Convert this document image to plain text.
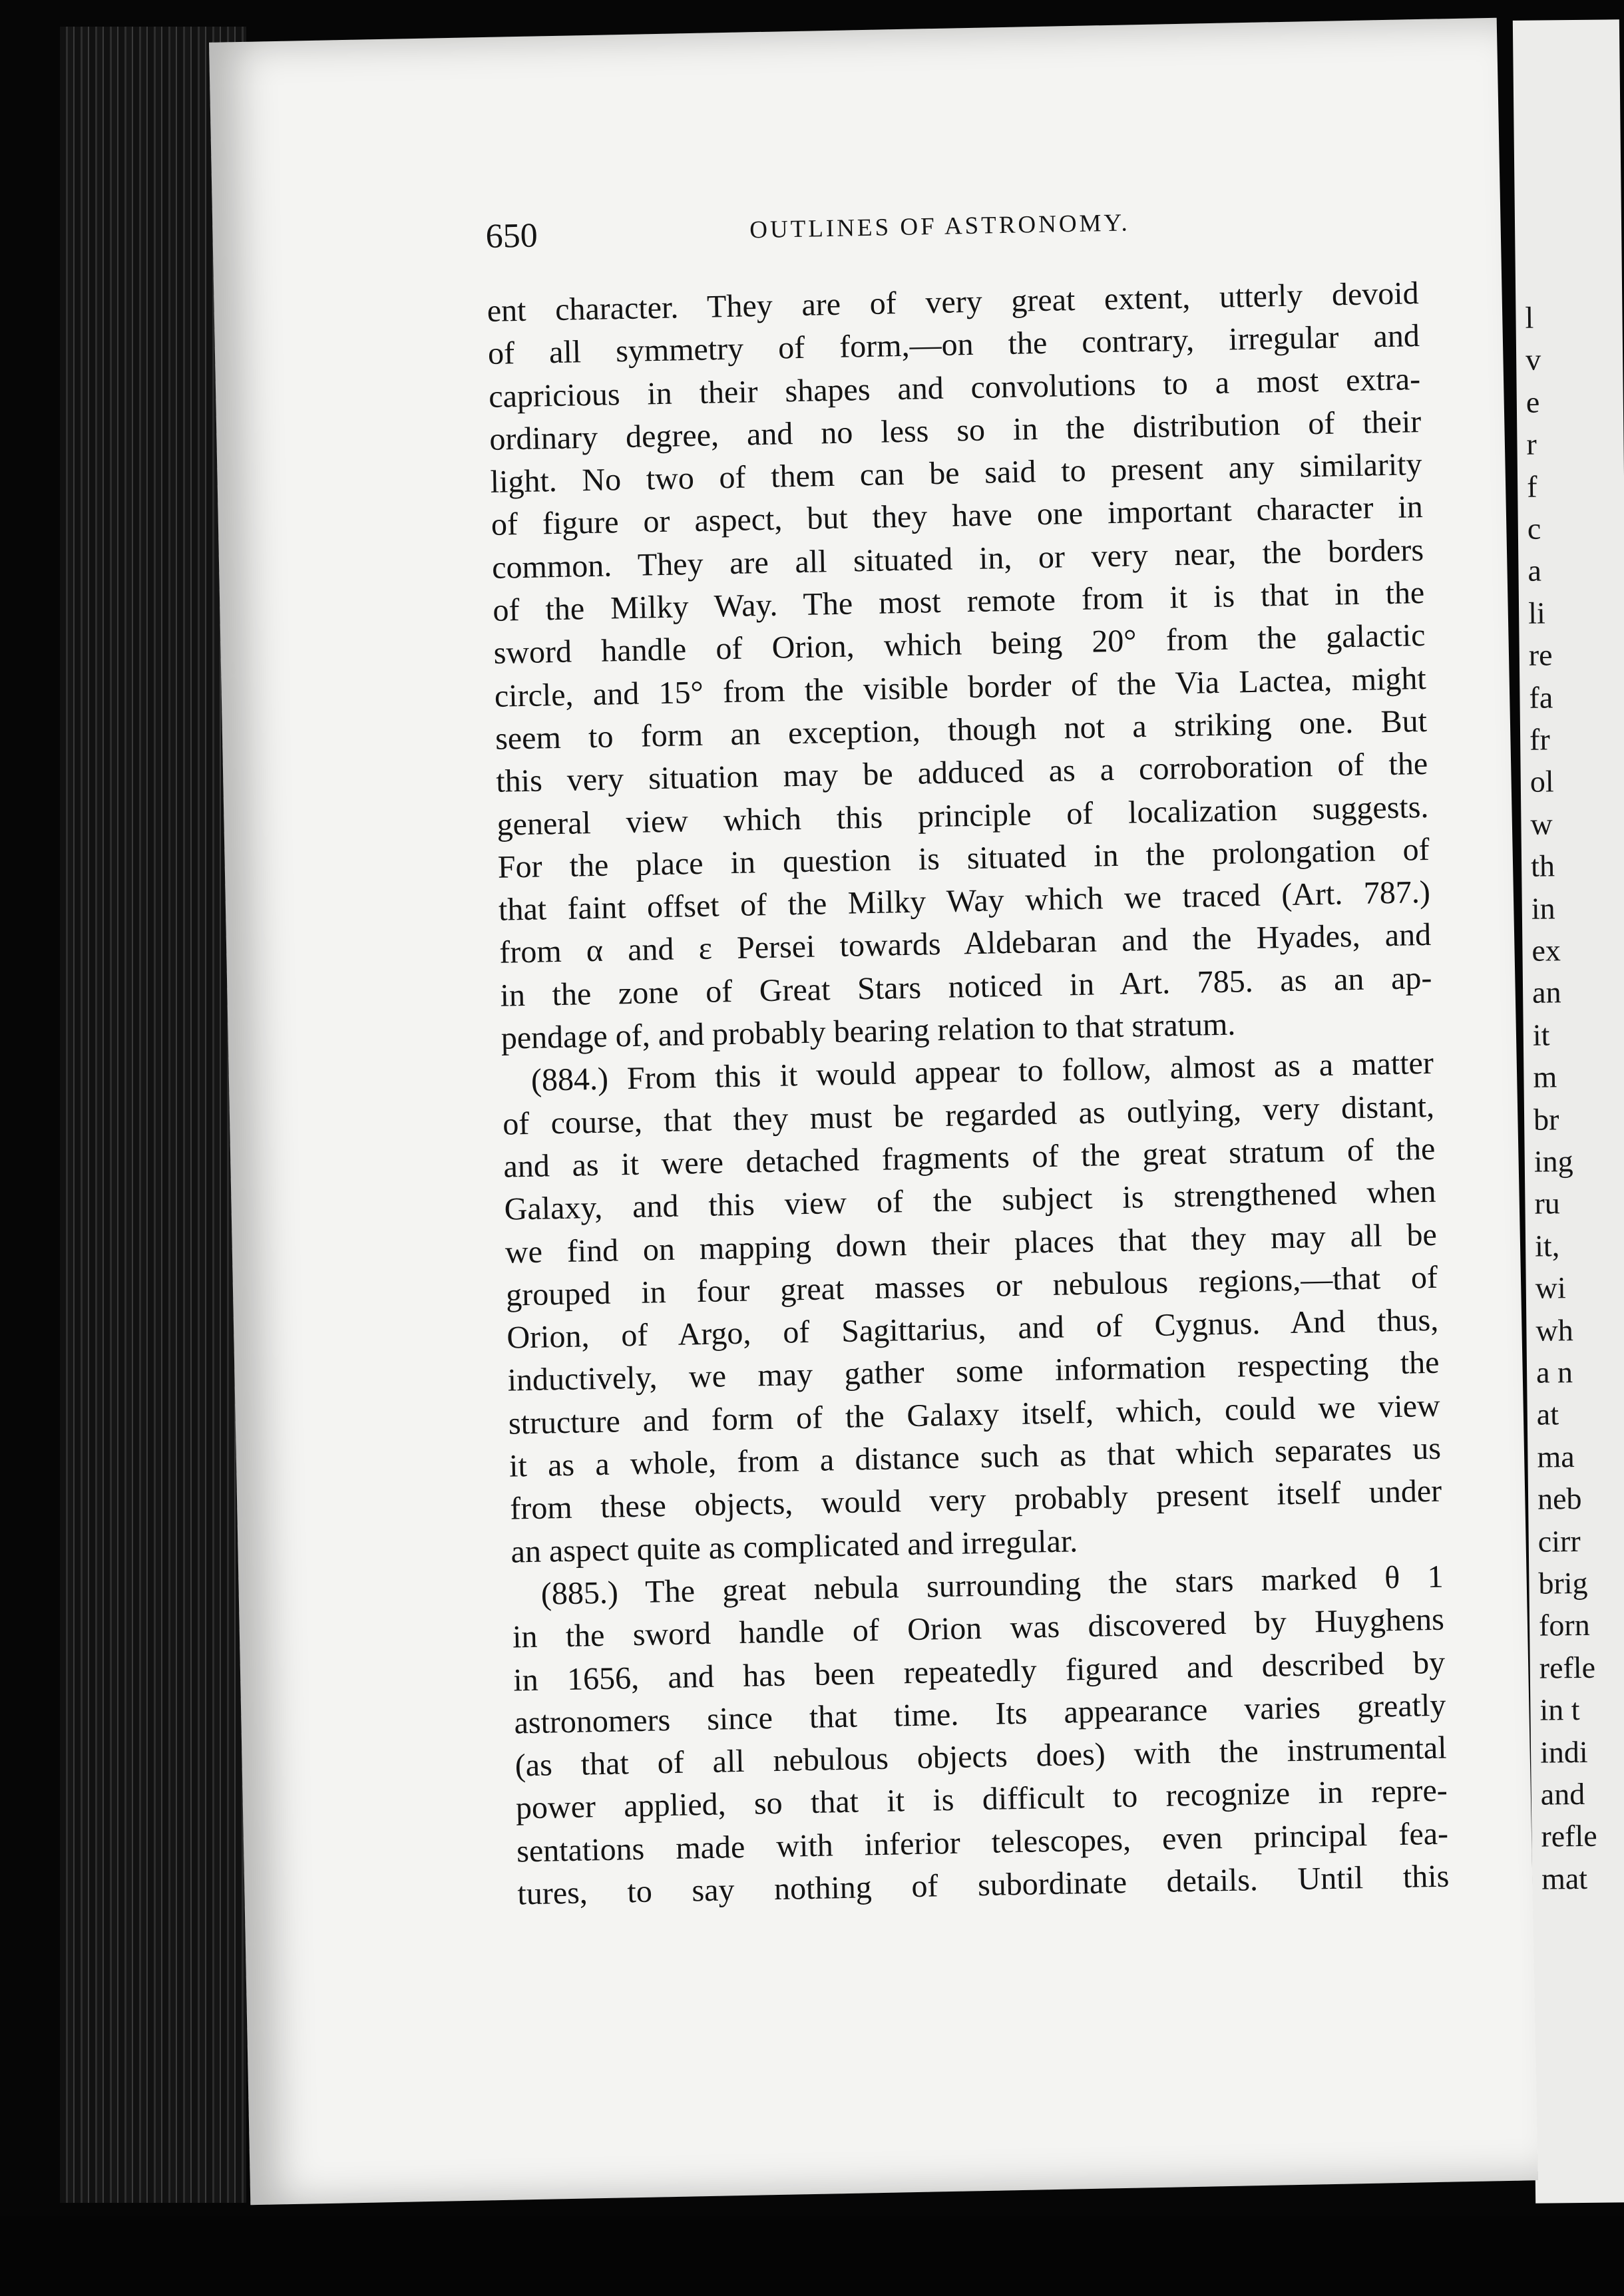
l
v
e
r
f
c
a
li
re
fa
fr
ol
w
th
in
ex
an
it
m
br
ing
ru
it,
wi
wh
a n
at
ma
neb
cirr
brig
forn
refle
in t
indi
and
refle
mat
650	OUTLINES OF ASTRONOMY.
ent character. They are of very great extent, utterly devoid
of all symmetry of form,—on the contrary, irregular and
capricious in their shapes and convolutions to a most extra-
ordinary degree, and no less so in the distribution of their
light. No two of them can be said to present any similarity
of figure or aspect, but they have one important character in
common. They are all situated in, or very near, the borders
of the Milky Way. The most remote from it is that in the
sword handle of Orion, which being 20° from the galactic
circle, and 15° from the visible border of the Via Lactea, might
seem to form an exception, though not a striking one. But
this very situation may be adduced as a corroboration of the
general view which this principle of localization suggests.
For the place in question is situated in the prolongation of
that faint offset of the Milky Way which we traced (Art. 787.)
from α and ε Persei towards Aldebaran and the Hyades, and
in the zone of Great Stars noticed in Art. 785. as an ap-
pendage of, and probably bearing relation to that stratum.
(884.) From this it would appear to follow, almost as a matter
of course, that they must be regarded as outlying, very distant,
and as it were detached fragments of the great stratum of the
Galaxy, and this view of the subject is strengthened when
we find on mapping down their places that they may all be
grouped in four great masses or nebulous regions,—that of
Orion, of Argo, of Sagittarius, and of Cygnus. And thus,
inductively, we may gather some information respecting the
structure and form of the Galaxy itself, which, could we view
it as a whole, from a distance such as that which separates us
from these objects, would very probably present itself under
an aspect quite as complicated and irregular.
(885.) The great nebula surrounding the stars marked θ 1
in the sword handle of Orion was discovered by Huyghens
in 1656, and has been repeatedly figured and described by
astronomers since that time. Its appearance varies greatly
(as that of all nebulous objects does) with the instrumental
power applied, so that it is difficult to recognize in repre-
sentations made with inferior telescopes, even principal fea-
tures, to say nothing of subordinate details. Until this
